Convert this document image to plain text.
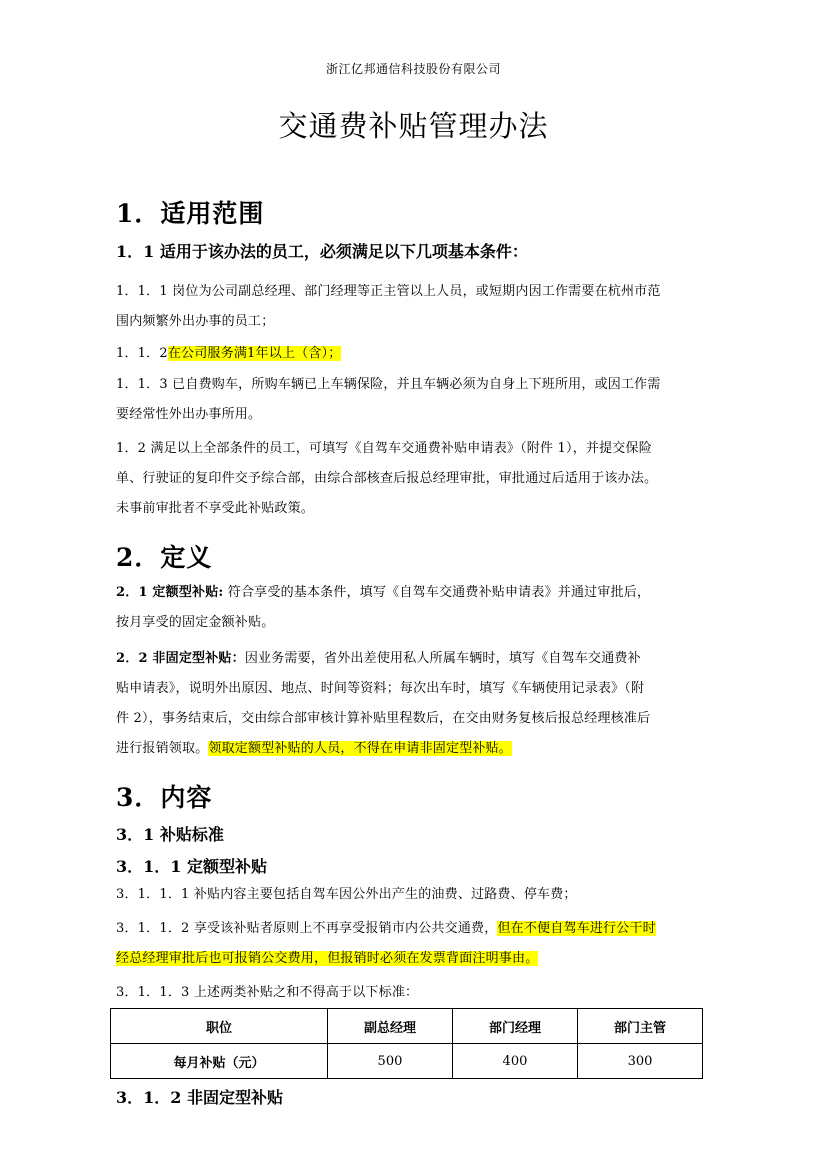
浙江亿邦通信科技股份有限公司
交通费补贴管理办法
1．适用范围
1．1 适用于该办法的员工，必须满足以下几项基本条件：
1．1．1 岗位为公司副总经理、部门经理等正主管以上人员，或短期内因工作需要在杭州市范
围内频繁外出办事的员工；
1．1．2在公司服务满1年以上（含）；
1．1．3 已自费购车，所购车辆已上车辆保险，并且车辆必须为自身上下班所用，或因工作需
要经常性外出办事所用。
1．2 满足以上全部条件的员工，可填写《自驾车交通费补贴申请表》（附件 1），并提交保险
单、行驶证的复印件交予综合部，由综合部核查后报总经理审批，审批通过后适用于该办法。
未事前审批者不享受此补贴政策。
2．定义
2．1 定额型补贴: 符合享受的基本条件，填写《自驾车交通费补贴申请表》并通过审批后，
按月享受的固定金额补贴。
2．2 非固定型补贴：因业务需要，省外出差使用私人所属车辆时，填写《自驾车交通费补
贴申请表》，说明外出原因、地点、时间等资料；每次出车时，填写《车辆使用记录表》（附
件 2），事务结束后，交由综合部审核计算补贴里程数后，在交由财务复核后报总经理核准后
进行报销领取。领取定额型补贴的人员，不得在申请非固定型补贴。
3．内容
3．1 补贴标准
3．1．1 定额型补贴
3．1．1．1 补贴内容主要包括自驾车因公外出产生的油费、过路费、停车费；
3．1．1．2 享受该补贴者原则上不再享受报销市内公共交通费，但在不便自驾车进行公干时
经总经理审批后也可报销公交费用，但报销时必须在发票背面注明事由。
3．1．1．3 上述两类补贴之和不得高于以下标准：
职位	副总经理	部门经理	部门主管
每月补贴（元）	500	400	300
3．1．2 非固定型补贴
